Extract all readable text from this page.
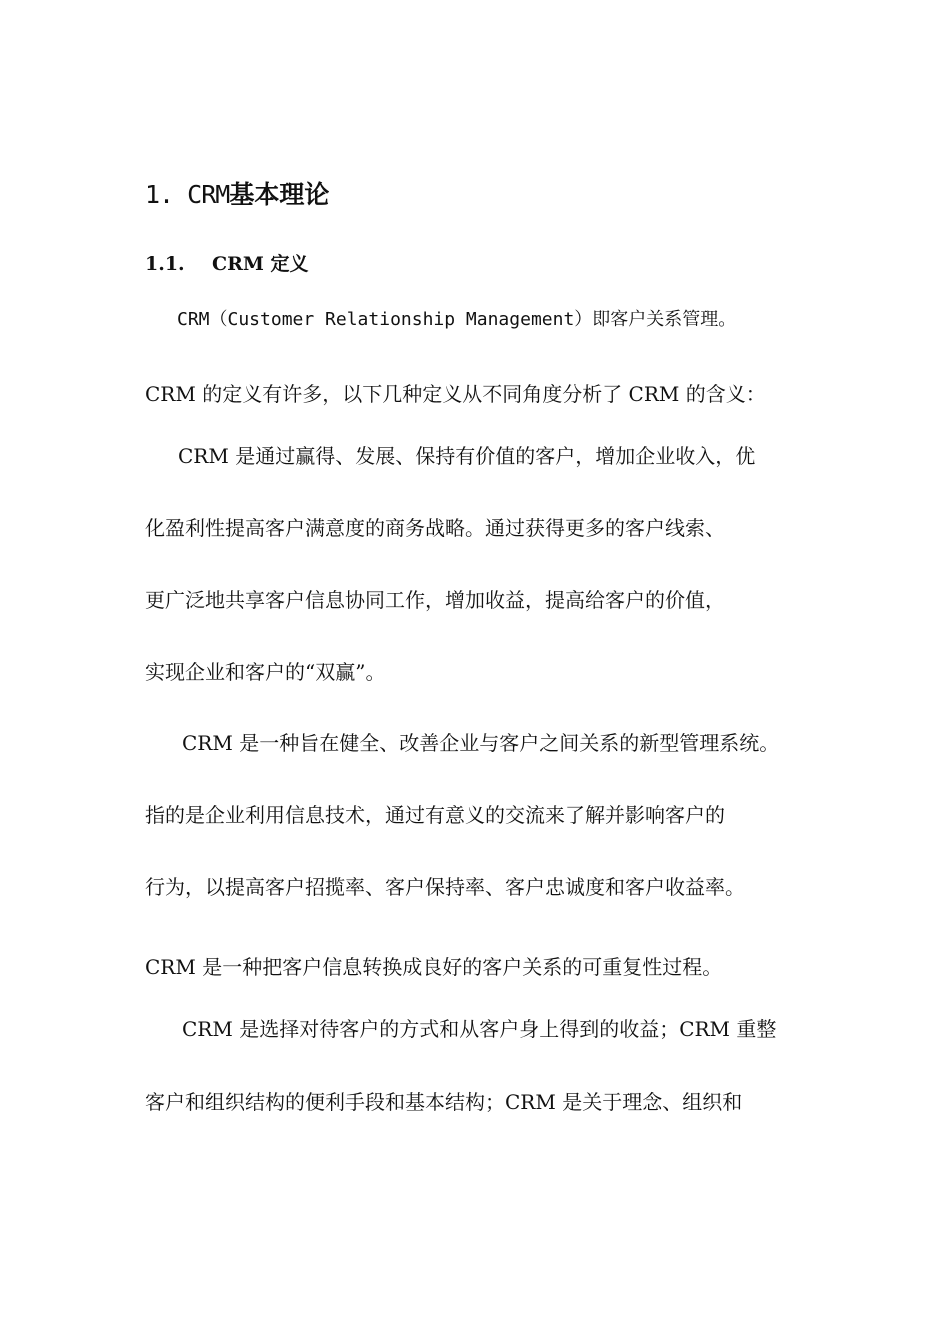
1. CRM基本理论
1.1. CRM 定义
CRM（Customer Relationship Management）即客户关系管理。
CRM 的定义有许多，以下几种定义从不同角度分析了 CRM 的含义：
CRM 是通过赢得、发展、保持有价值的客户，增加企业收入，优
化盈利性提高客户满意度的商务战略。通过获得更多的客户线索、
更广泛地共享客户信息协同工作，增加收益，提高给客户的价值，
实现企业和客户的“双赢”。
CRM 是一种旨在健全、改善企业与客户之间关系的新型管理系统。
指的是企业利用信息技术，通过有意义的交流来了解并影响客户的
行为，以提高客户招揽率、客户保持率、客户忠诚度和客户收益率。
CRM 是一种把客户信息转换成良好的客户关系的可重复性过程。
CRM 是选择对待客户的方式和从客户身上得到的收益；CRM 重整
客户和组织结构的便利手段和基本结构；CRM 是关于理念、组织和
